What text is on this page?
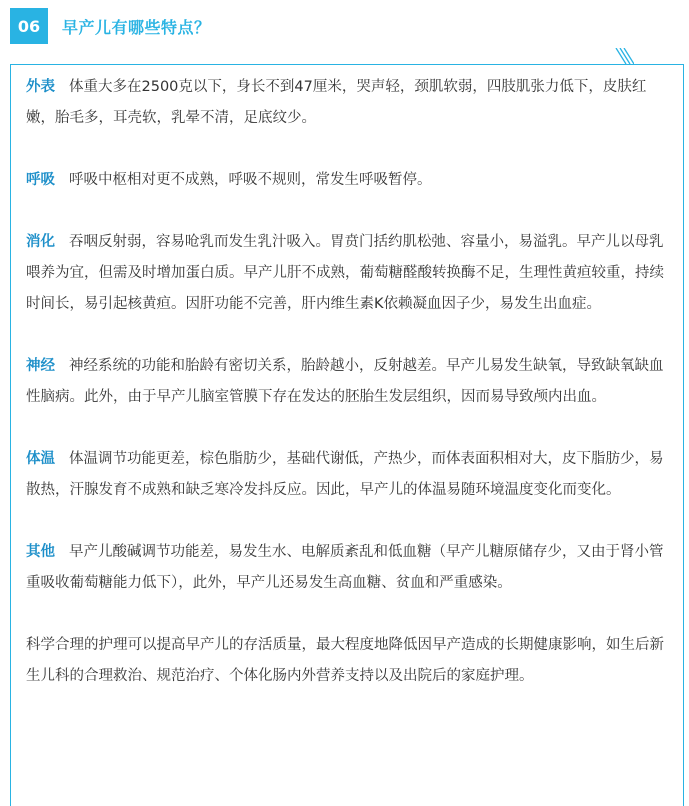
06	早产儿有哪些特点？

外表 体重大多在2500克以下，身长不到47厘米，哭声轻，颈肌软弱，四肢肌张力低下，皮肤红嫩，胎毛多，耳壳软，乳晕不清，足底纹少。

呼吸 呼吸中枢相对更不成熟，呼吸不规则，常发生呼吸暂停。

消化 吞咽反射弱，容易呛乳而发生乳汁吸入。胃贲门括约肌松弛、容量小，易溢乳。早产儿以母乳喂养为宜，但需及时增加蛋白质。早产儿肝不成熟，葡萄糖醛酸转换酶不足，生理性黄疸较重，持续时间长，易引起核黄疸。因肝功能不完善，肝内维生素K依赖凝血因子少，易发生出血症。

神经 神经系统的功能和胎龄有密切关系，胎龄越小，反射越差。早产儿易发生缺氧，导致缺氧缺血性脑病。此外，由于早产儿脑室管膜下存在发达的胚胎生发层组织，因而易导致颅内出血。

体温 体温调节功能更差，棕色脂肪少，基础代谢低，产热少，而体表面积相对大，皮下脂肪少，易散热，汗腺发育不成熟和缺乏寒冷发抖反应。因此，早产儿的体温易随环境温度变化而变化。

其他 早产儿酸碱调节功能差，易发生水、电解质紊乱和低血糖（早产儿糖原储存少，又由于肾小管重吸收葡萄糖能力低下），此外，早产儿还易发生高血糖、贫血和严重感染。

科学合理的护理可以提高早产儿的存活质量，最大程度地降低因早产造成的长期健康影响，如生后新生儿科的合理救治、规范治疗、个体化肠内外营养支持以及出院后的家庭护理。
